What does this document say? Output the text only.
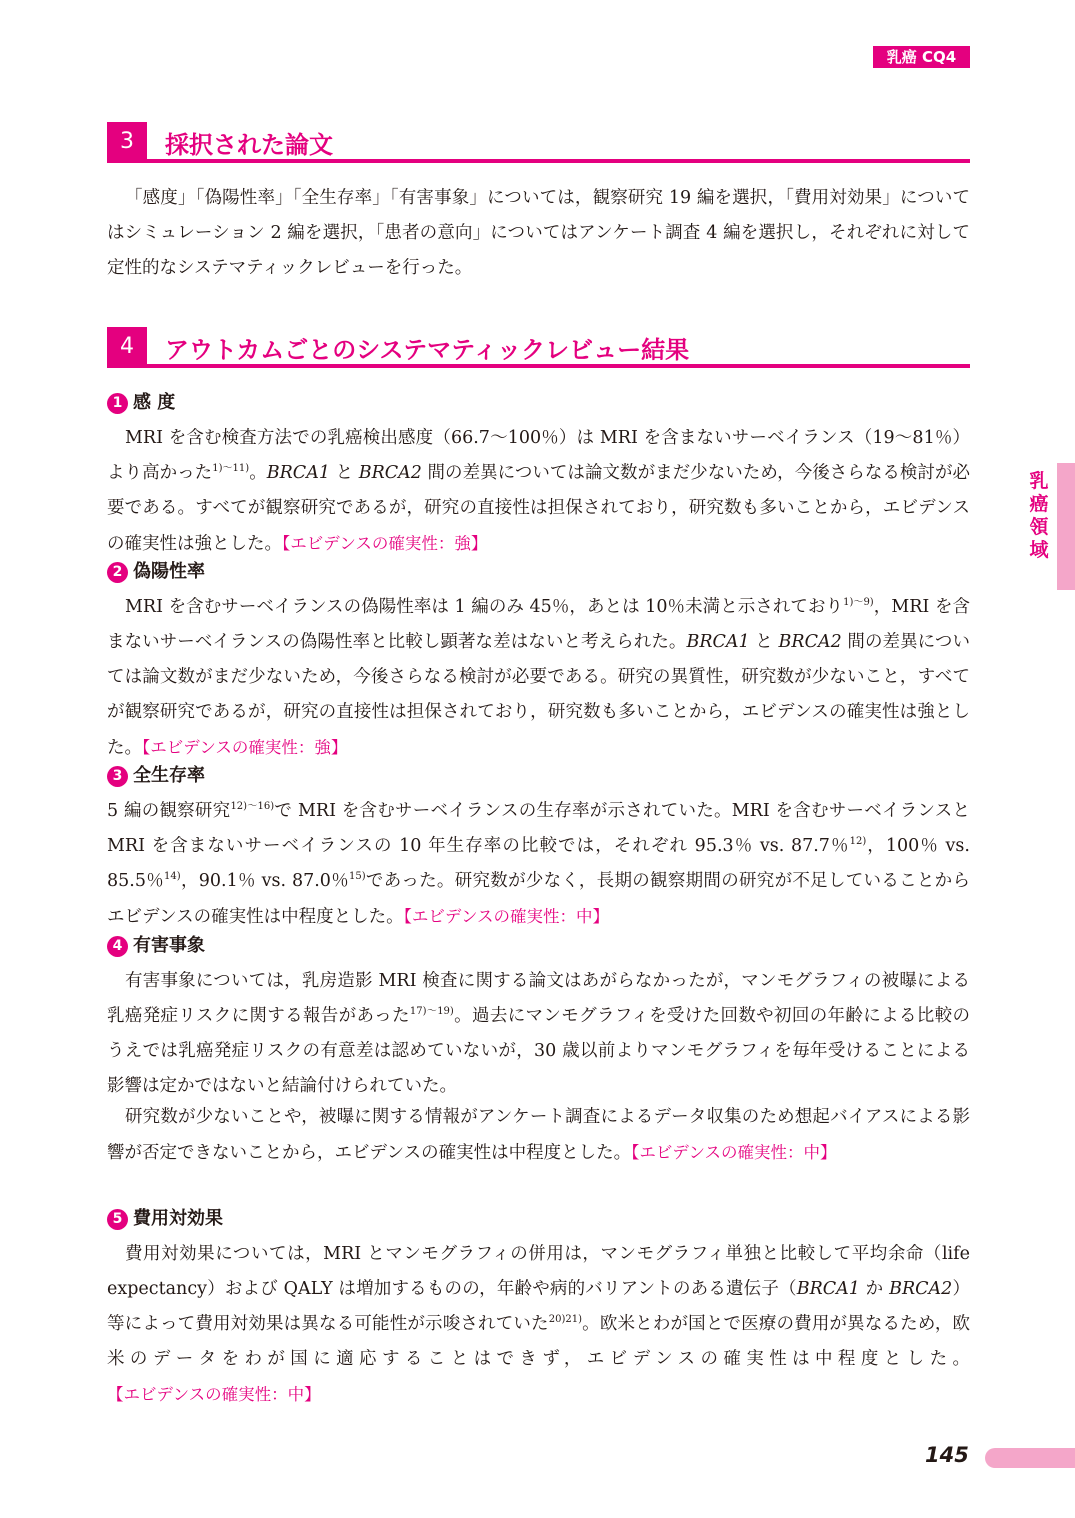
乳癌 CQ4
乳癌領域
3	採択された論文

「感度」「偽陽性率」「全生存率」「有害事象」については，観察研究 19 編を選択，「費用対効果」についてはシミュレーション 2 編を選択，「患者の意向」についてはアンケート調査 4 編を選択し，それぞれに対して定性的なシステマティックレビューを行った。

4	アウトカムごとのシステマティックレビュー結果
1 感 度

MRI を含む検査方法での乳癌検出感度（66.7〜100％）は MRI を含まないサーベイランス（19〜81％）より高かった$^{1)〜11)}$。BRCA1 と BRCA2 間の差異については論文数がまだ少ないため，今後さらなる検討が必要である。すべてが観察研究であるが，研究の直接性は担保されており，研究数も多いことから，エビデンスの確実性は強とした。【エビデンスの確実性：強】

2 偽陽性率

MRI を含むサーベイランスの偽陽性率は 1 編のみ 45％，あとは 10％未満と示されており$^{1)〜9)}$，MRI を含まないサーベイランスの偽陽性率と比較し顕著な差はないと考えられた。BRCA1 と BRCA2 間の差異については論文数がまだ少ないため，今後さらなる検討が必要である。研究の異質性，研究数が少ないこと，すべてが観察研究であるが，研究の直接性は担保されており，研究数も多いことから，エビデンスの確実性は強とした。【エビデンスの確実性：強】

3 全生存率

5 編の観察研究$^{12)〜16)}$で MRI を含むサーベイランスの生存率が示されていた。MRI を含むサーベイランスと MRI を含まないサーベイランスの 10 年生存率の比較では，それぞれ 95.3％ vs. 87.7％$^{12)}$，100％ vs. 85.5％$^{14)}$，90.1％ vs. 87.0％$^{15)}$であった。研究数が少なく，長期の観察期間の研究が不足していることからエビデンスの確実性は中程度とした。【エビデンスの確実性：中】

4 有害事象

有害事象については，乳房造影 MRI 検査に関する論文はあがらなかったが，マンモグラフィの被曝による乳癌発症リスクに関する報告があった$^{17)〜19)}$。過去にマンモグラフィを受けた回数や初回の年齢による比較のうえでは乳癌発症リスクの有意差は認めていないが，30 歳以前よりマンモグラフィを毎年受けることによる影響は定かではないと結論付けられていた。

研究数が少ないことや，被曝に関する情報がアンケート調査によるデータ収集のため想起バイアスによる影響が否定できないことから，エビデンスの確実性は中程度とした。【エビデンスの確実性：中】

5 費用対効果

費用対効果については，MRI とマンモグラフィの併用は，マンモグラフィ単独と比較して平均余命（life expectancy）および QALY は増加するものの，年齢や病的バリアントのある遺伝子（BRCA1 か BRCA2）等によって費用対効果は異なる可能性が示唆されていた$^{20)21)}$。欧米とわが国とで医療の費用が異なるため，欧米のデータをわが国に適応することはできず，エビデンスの確実性は中程度とした。【エビデンスの確実性：中】

145
